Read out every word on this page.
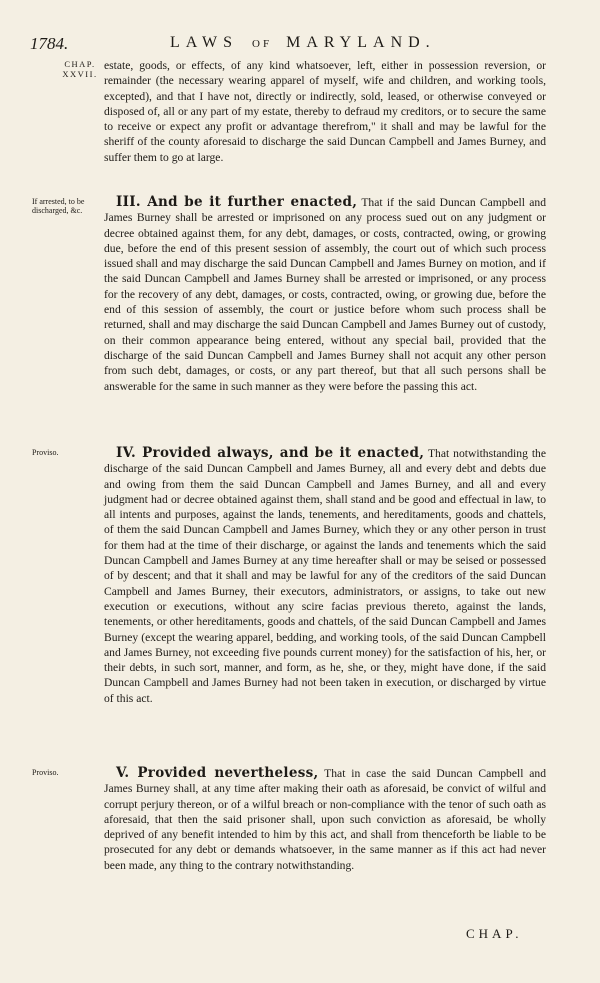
1784.	LAWS OF MARYLAND.
CHAP.
XXVII.
estate, goods, or effects, of any kind whatsoever, left, either in possession reversion, or remainder (the necessary wearing apparel of myself, wife and children, and working tools, excepted), and that I have not, directly or indirectly, sold, leased, or otherwise conveyed or disposed of, all or any part of my estate, thereby to defraud my creditors, or to secure the same to receive or expect any profit or advantage therefrom," it shall and may be lawful for the sheriff of the county aforesaid to discharge the said Duncan Campbell and James Burney, and suffer them to go at large.
If arrested, to be discharged, &c.
III. And be it further enacted, That if the said Duncan Campbell and James Burney shall be arrested or imprisoned on any process sued out on any judgment or decree obtained against them, for any debt, damages, or costs, contracted, owing, or growing due, before the end of this present session of assembly, the court out of which such process issued shall and may discharge the said Duncan Campbell and James Burney on motion, and if the said Duncan Campbell and James Burney shall be arrested or imprisoned, or any process for the recovery of any debt, damages, or costs, contracted, owing, or growing due, before the end of this session of assembly, the court or justice before whom such process shall be returned, shall and may discharge the said Duncan Campbell and James Burney out of custody, on their common appearance being entered, without any special bail, provided that the discharge of the said Duncan Campbell and James Burney shall not acquit any other person from such debt, damages, or costs, or any part thereof, but that all such persons shall be answerable for the same in such manner as they were before the passing this act.
Proviso.	IV. Provided always, and be it enacted, That notwithstanding the discharge of the said Duncan Campbell and James Burney, all and every debt and debts due and owing from them the said Duncan Campbell and James Burney, and all and every judgment had or decree obtained against them, shall stand and be good and effectual in law, to all intents and purposes, against the lands, tenements, and hereditaments, goods and chattels, of them the said Duncan Campbell and James Burney, which they or any other person in trust for them had at the time of their discharge, or against the lands and tenements which the said Duncan Campbell and James Burney at any time hereafter shall or may be seised or possessed of by descent; and that it shall and may be lawful for any of the creditors of the said Duncan Campbell and James Burney, their executors, administrators, or assigns, to take out new execution or executions, without any scire facias previous thereto, against the lands, tenements, or other hereditaments, goods and chattels, of the said Duncan Campbell and James Burney (except the wearing apparel, bedding, and working tools, of the said Duncan Campbell and James Burney, not exceeding five pounds current money) for the satisfaction of his, her, or their debts, in such sort, manner, and form, as he, she, or they, might have done, if the said Duncan Campbell and James Burney had not been taken in execution, or discharged by virtue of this act.
Proviso.	V. Provided nevertheless, That in case the said Duncan Campbell and James Burney shall, at any time after making their oath as aforesaid, be convict of wilful and corrupt perjury thereon, or of a wilful breach or non-compliance with the tenor of such oath as aforesaid, that then the said prisoner shall, upon such conviction as aforesaid, be wholly deprived of any benefit intended to him by this act, and shall from thenceforth be liable to be prosecuted for any debt or demands whatsoever, in the same manner as if this act had never been made, any thing to the contrary notwithstanding.
CHAP.
